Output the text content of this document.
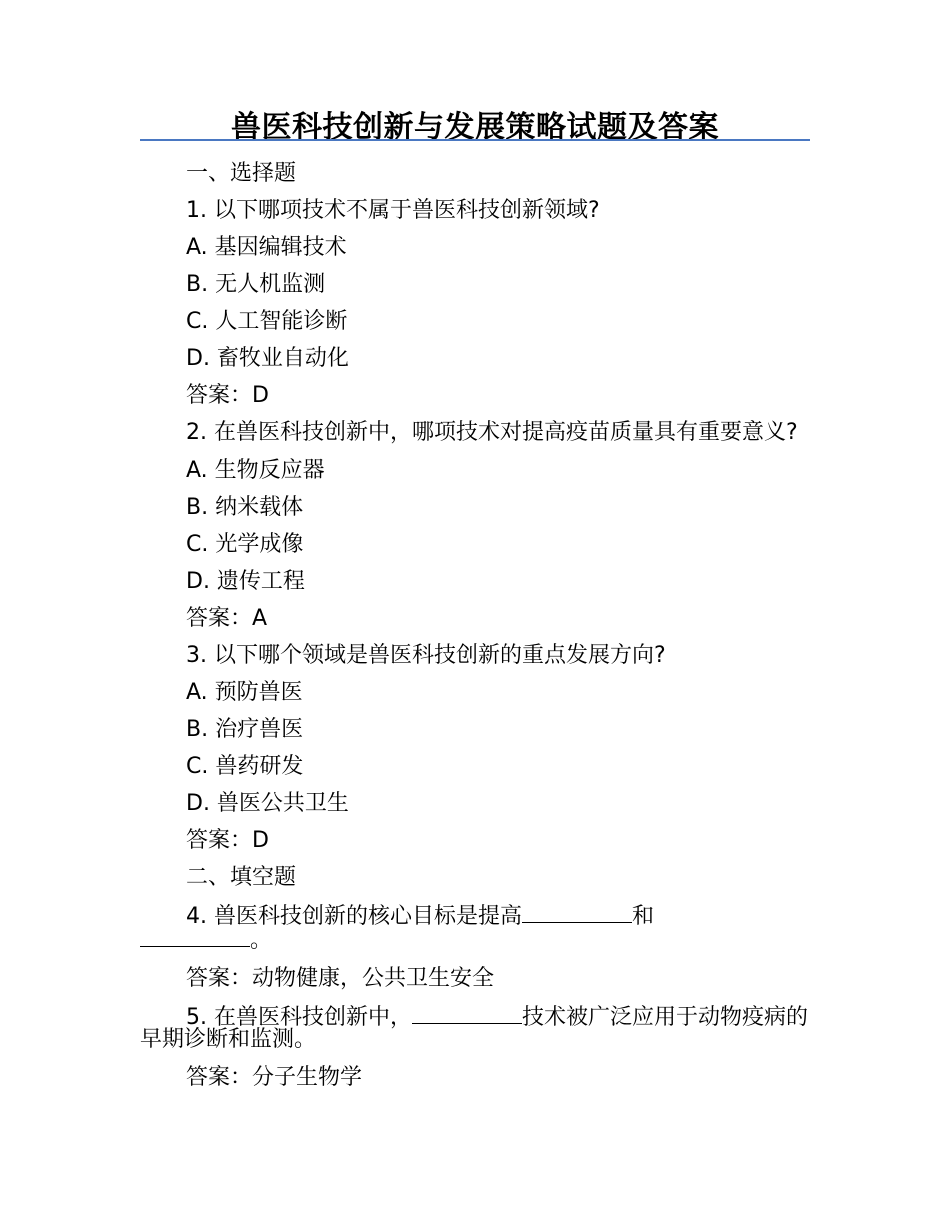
兽医科技创新与发展策略试题及答案
一、选择题
1. 以下哪项技术不属于兽医科技创新领域?
A. 基因编辑技术
B. 无人机监测
C. 人工智能诊断
D. 畜牧业自动化
答案：D
2. 在兽医科技创新中，哪项技术对提高疫苗质量具有重要意义?
A. 生物反应器
B. 纳米载体
C. 光学成像
D. 遗传工程
答案：A
3. 以下哪个领域是兽医科技创新的重点发展方向?
A. 预防兽医
B. 治疗兽医
C. 兽药研发
D. 兽医公共卫生
答案：D
二、填空题
4. 兽医科技创新的核心目标是提高	和
。
答案：动物健康，公共卫生安全
5. 在兽医科技创新中，	技术被广泛应用于动物疫病的早期诊断和监测。
答案：分子生物学
